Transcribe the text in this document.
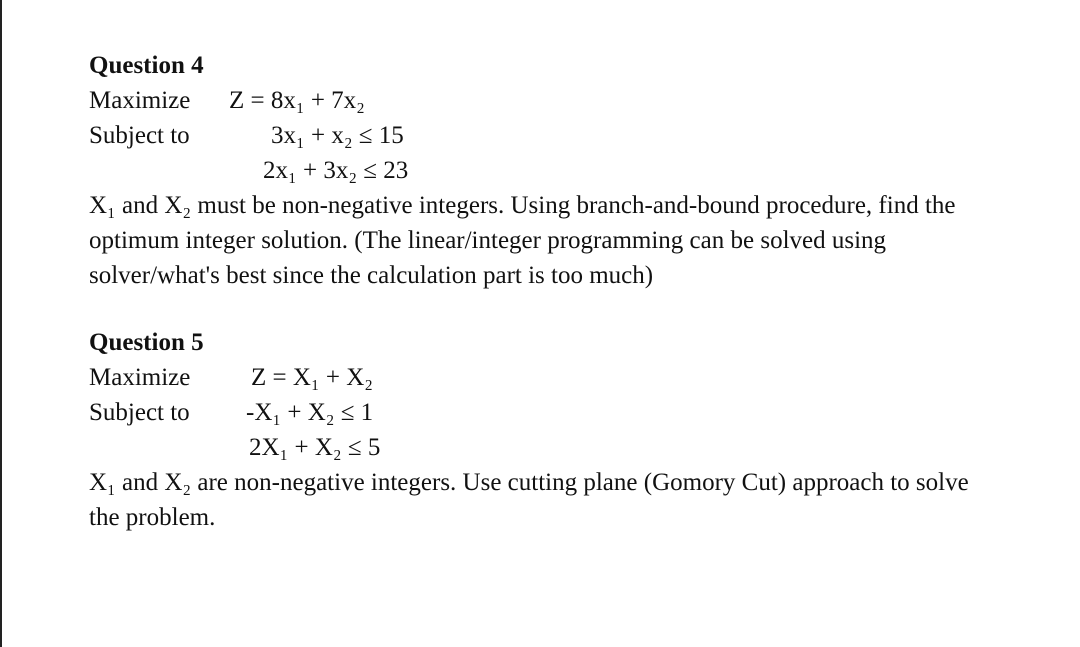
Question 4
Maximize Z = 8x₁ + 7x₂
Subject to	3x₁ + x₂ ≤ 15
2x₁ + 3x₂ ≤ 23
X₁ and X₂ must be non-negative integers. Using branch-and-bound procedure, find the
optimum integer solution. (The linear/integer programming can be solved using
solver/what's best since the calculation part is too much)
Question 5
Maximize Z = X₁ + X₂
Subject to -X₁ + X₂ ≤ 1
2X₁ + X₂ ≤ 5
X₁ and X₂ are non-negative integers. Use cutting plane (Gomory Cut) approach to solve
the problem.
